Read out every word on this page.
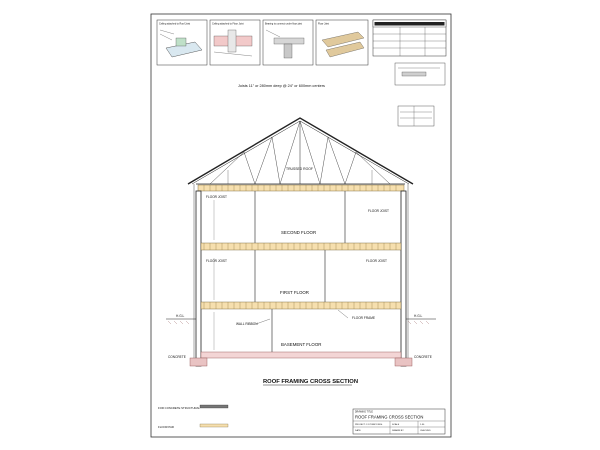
Ceiling attached to Roof Joist	Ceiling attached to Floor Joist	Bearing to connect under floor joist	Floor Joist
Joists 11" or 280mm deep @ 24" or 600mm centers
TRUSSED ROOF
FLOOR JOIST
FLOOR JOIST
FLOOR JOIST	FLOOR JOIST
SECOND FLOOR
FIRST FLOOR
BASEMENT FLOOR
WALL RIBBON
FLOOR FRAME
H.G.L	H.G.L
CONCRETE	CONCRETE
ROOF FRAMING CROSS SECTION
FOR CONCRETE STRUCTURAL
FLOOR PAR
DRAWING TITLE
ROOF FRAMING CROSS SECTION
PROJECT: 2-STOREY RES.	SCALE	1:50
DATE	DRAWN BY	CHECKED
